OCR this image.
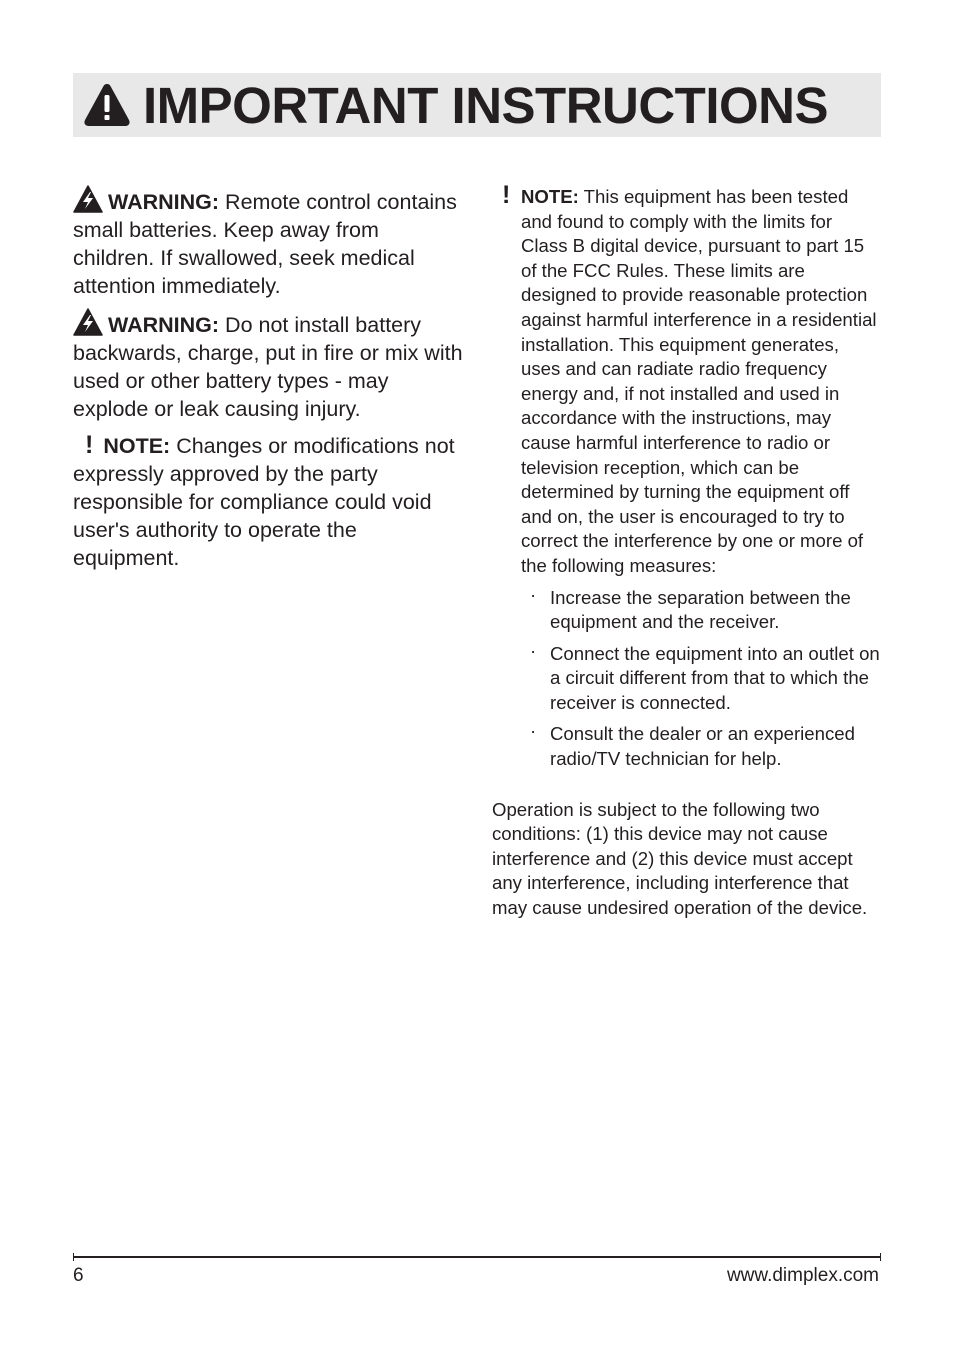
IMPORTANT INSTRUCTIONS

WARNING: Remote control contains small batteries. Keep away from children. If swallowed, seek medical attention immediately.

WARNING: Do not install battery backwards, charge, put in fire or mix with used or other battery types - may explode or leak causing injury.

! NOTE: Changes or modifications not expressly approved by the party responsible for compliance could void user's authority to operate the equipment.

! NOTE: This equipment has been tested and found to comply with the limits for Class B digital device, pursuant to part 15 of the FCC Rules. These limits are designed to provide reasonable protection against harmful interference in a residential installation. This equipment generates, uses and can radiate radio frequency energy and, if not installed and used in accordance with the instructions, may cause harmful interference to radio or television reception, which can be determined by turning the equipment off and on, the user is encouraged to try to correct the interference by one or more of the following measures:
· Increase the separation between the equipment and the receiver.
· Connect the equipment into an outlet on a circuit different from that to which the receiver is connected.
· Consult the dealer or an experienced radio/TV technician for help.
Operation is subject to the following two conditions: (1) this device may not cause interference and (2) this device must accept any interference, including interference that may cause undesired operation of the device.
6	www.dimplex.com
